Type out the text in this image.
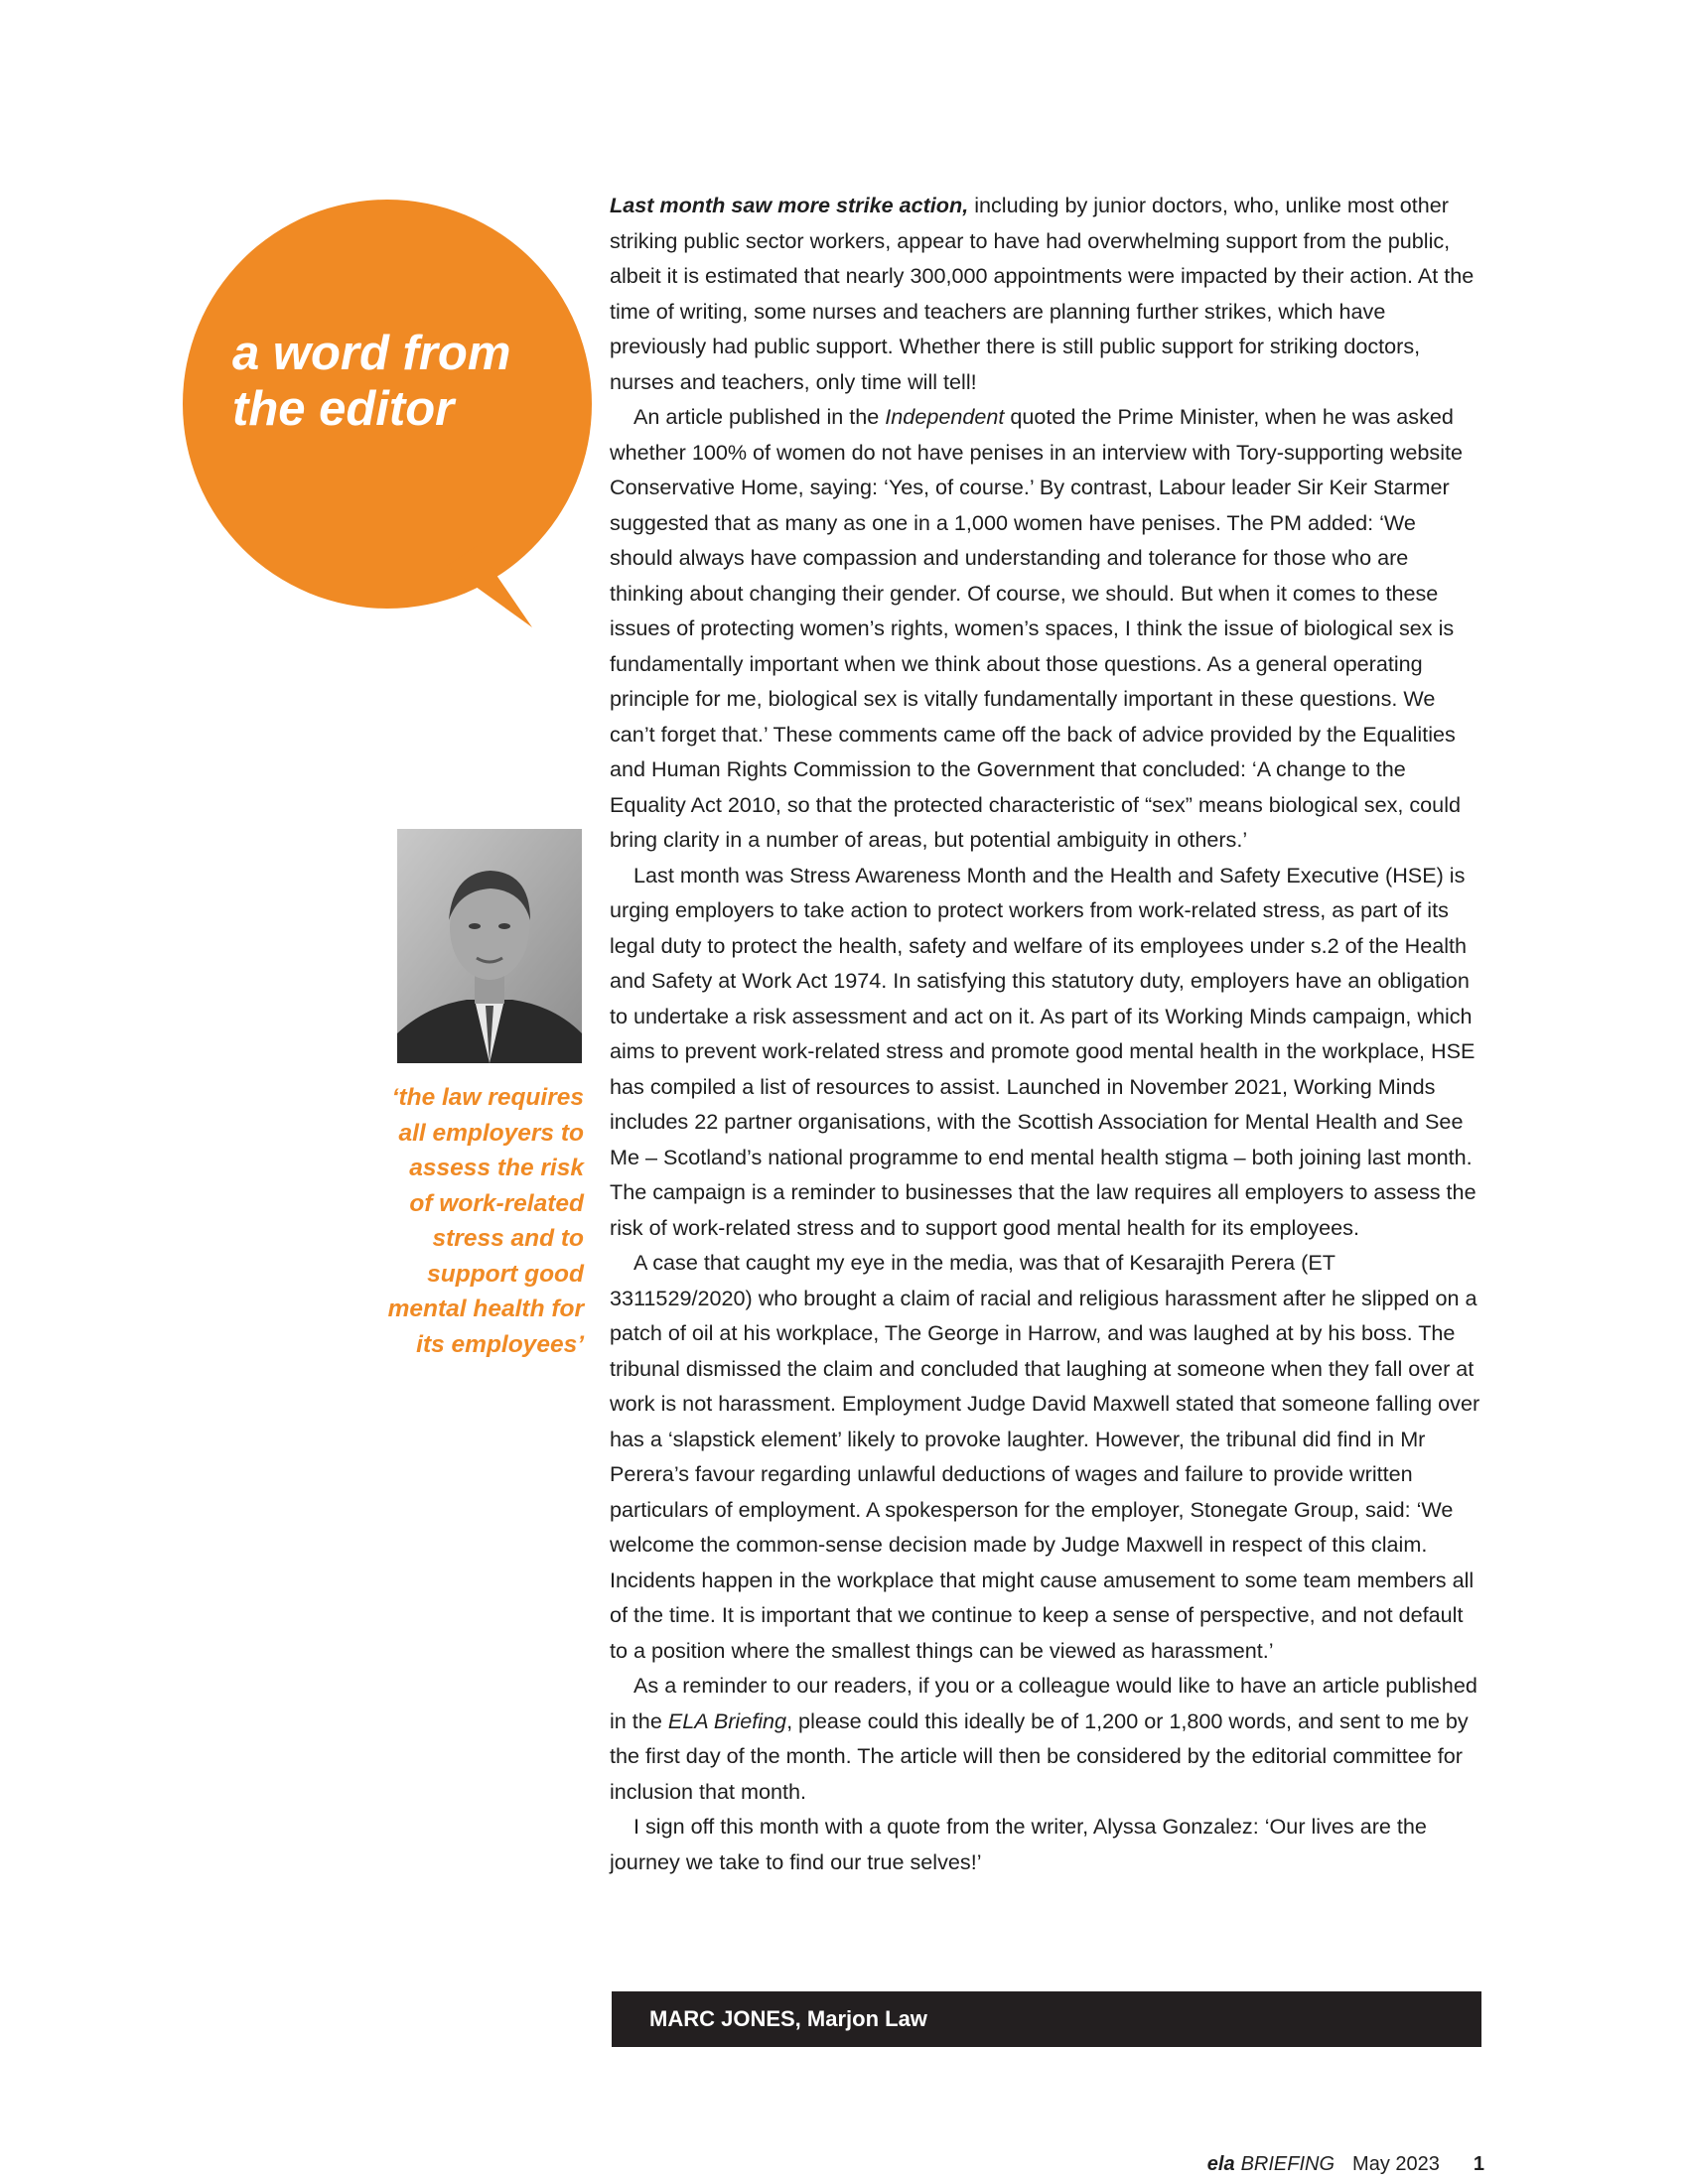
a word from
the editor
‘the law requires
all employers to
assess the risk
of work-related
stress and to
support good
mental health for
its employees’

Last month saw more strike action, including by junior doctors, who, unlike most other striking public sector workers, appear to have had overwhelming support from the public, albeit it is estimated that nearly 300,000 appointments were impacted by their action. At the time of writing, some nurses and teachers are planning further strikes, which have previously had public support. Whether there is still public support for striking doctors, nurses and teachers, only time will tell!

An article published in the Independent quoted the Prime Minister, when he was asked whether 100% of women do not have penises in an interview with Tory-supporting website Conservative Home, saying: ‘Yes, of course.’ By contrast, Labour leader Sir Keir Starmer suggested that as many as one in a 1,000 women have penises. The PM added: ‘We should always have compassion and understanding and tolerance for those who are thinking about changing their gender. Of course, we should. But when it comes to these issues of protecting women’s rights, women’s spaces, I think the issue of biological sex is fundamentally important when we think about those questions. As a general operating principle for me, biological sex is vitally fundamentally important in these questions. We can’t forget that.’ These comments came off the back of advice provided by the Equalities and Human Rights Commission to the Government that concluded: ‘A change to the Equality Act 2010, so that the protected characteristic of “sex” means biological sex, could bring clarity in a number of areas, but potential ambiguity in others.’

Last month was Stress Awareness Month and the Health and Safety Executive (HSE) is urging employers to take action to protect workers from work-related stress, as part of its legal duty to protect the health, safety and welfare of its employees under s.2 of the Health and Safety at Work Act 1974. In satisfying this statutory duty, employers have an obligation to undertake a risk assessment and act on it. As part of its Working Minds campaign, which aims to prevent work-related stress and promote good mental health in the workplace, HSE has compiled a list of resources to assist. Launched in November 2021, Working Minds includes 22 partner organisations, with the Scottish Association for Mental Health and See Me – Scotland’s national programme to end mental health stigma – both joining last month. The campaign is a reminder to businesses that the law requires all employers to assess the risk of work-related stress and to support good mental health for its employees.

A case that caught my eye in the media, was that of Kesarajith Perera (ET 3311529/2020) who brought a claim of racial and religious harassment after he slipped on a patch of oil at his workplace, The George in Harrow, and was laughed at by his boss. The tribunal dismissed the claim and concluded that laughing at someone when they fall over at work is not harassment. Employment Judge David Maxwell stated that someone falling over has a ‘slapstick element’ likely to provoke laughter. However, the tribunal did find in Mr Perera’s favour regarding unlawful deductions of wages and failure to provide written particulars of employment. A spokesperson for the employer, Stonegate Group, said: ‘We welcome the common-sense decision made by Judge Maxwell in respect of this claim. Incidents happen in the workplace that might cause amusement to some team members all of the time. It is important that we continue to keep a sense of perspective, and not default to a position where the smallest things can be viewed as harassment.’

As a reminder to our readers, if you or a colleague would like to have an article published in the ELA Briefing, please could this ideally be of 1,200 or 1,800 words, and sent to me by the first day of the month. The article will then be considered by the editorial committee for inclusion that month.

I sign off this month with a quote from the writer, Alyssa Gonzalez: ‘Our lives are the journey we take to find our true selves!’

MARC JONES, Marjon Law
ela BRIEFING May 2023 1
